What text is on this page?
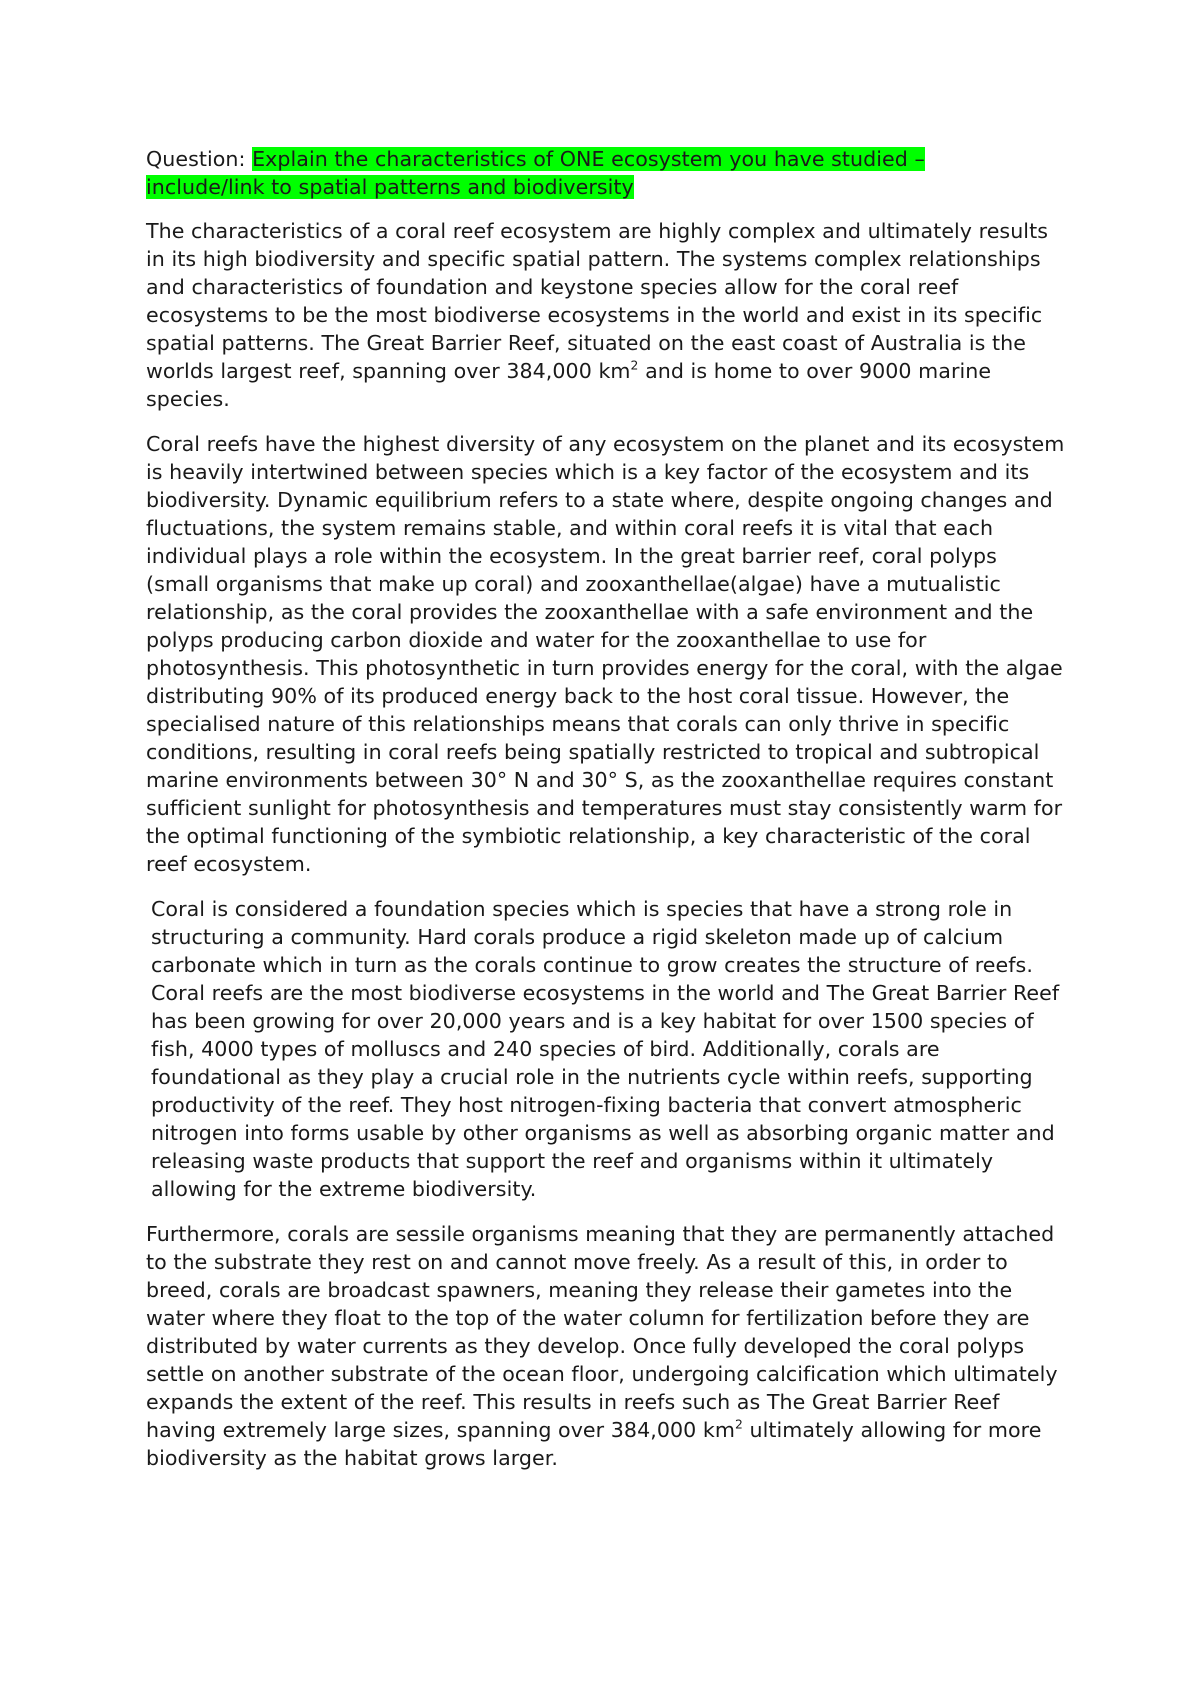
Question: Explain the characteristics of ONE ecosystem you have studied –
include/link to spatial patterns and biodiversity

The characteristics of a coral reef ecosystem are highly complex and ultimately results in its high biodiversity and specific spatial pattern. The systems complex relationships and characteristics of foundation and keystone species allow for the coral reef ecosystems to be the most biodiverse ecosystems in the world and exist in its specific spatial patterns. The Great Barrier Reef, situated on the east coast of Australia is the worlds largest reef, spanning over 384,000 $km^2$ and is home to over 9000 marine species.

Coral reefs have the highest diversity of any ecosystem on the planet and its ecosystem is heavily intertwined between species which is a key factor of the ecosystem and its biodiversity. Dynamic equilibrium refers to a state where, despite ongoing changes and fluctuations, the system remains stable, and within coral reefs it is vital that each individual plays a role within the ecosystem. In the great barrier reef, coral polyps (small organisms that make up coral) and zooxanthellae(algae) have a mutualistic relationship, as the coral provides the zooxanthellae with a safe environment and the polyps producing carbon dioxide and water for the zooxanthellae to use for photosynthesis. This photosynthetic in turn provides energy for the coral, with the algae distributing 90% of its produced energy back to the host coral tissue. However, the specialised nature of this relationships means that corals can only thrive in specific conditions, resulting in coral reefs being spatially restricted to tropical and subtropical marine environments between 30° N and 30° S, as the zooxanthellae requires constant sufficient sunlight for photosynthesis and temperatures must stay consistently warm for the optimal functioning of the symbiotic relationship, a key characteristic of the coral reef ecosystem.

Coral is considered a foundation species which is species that have a strong role in structuring a community. Hard corals produce a rigid skeleton made up of calcium carbonate which in turn as the corals continue to grow creates the structure of reefs. Coral reefs are the most biodiverse ecosystems in the world and The Great Barrier Reef has been growing for over 20,000 years and is a key habitat for over 1500 species of fish, 4000 types of molluscs and 240 species of bird. Additionally, corals are foundational as they play a crucial role in the nutrients cycle within reefs, supporting productivity of the reef. They host nitrogen-fixing bacteria that convert atmospheric nitrogen into forms usable by other organisms as well as absorbing organic matter and releasing waste products that support the reef and organisms within it ultimately allowing for the extreme biodiversity.

Furthermore, corals are sessile organisms meaning that they are permanently attached to the substrate they rest on and cannot move freely. As a result of this, in order to breed, corals are broadcast spawners, meaning they release their gametes into the water where they float to the top of the water column for fertilization before they are distributed by water currents as they develop. Once fully developed the coral polyps settle on another substrate of the ocean floor, undergoing calcification which ultimately expands the extent of the reef. This results in reefs such as The Great Barrier Reef having extremely large sizes, spanning over 384,000 $km^2$ ultimately allowing for more biodiversity as the habitat grows larger.
